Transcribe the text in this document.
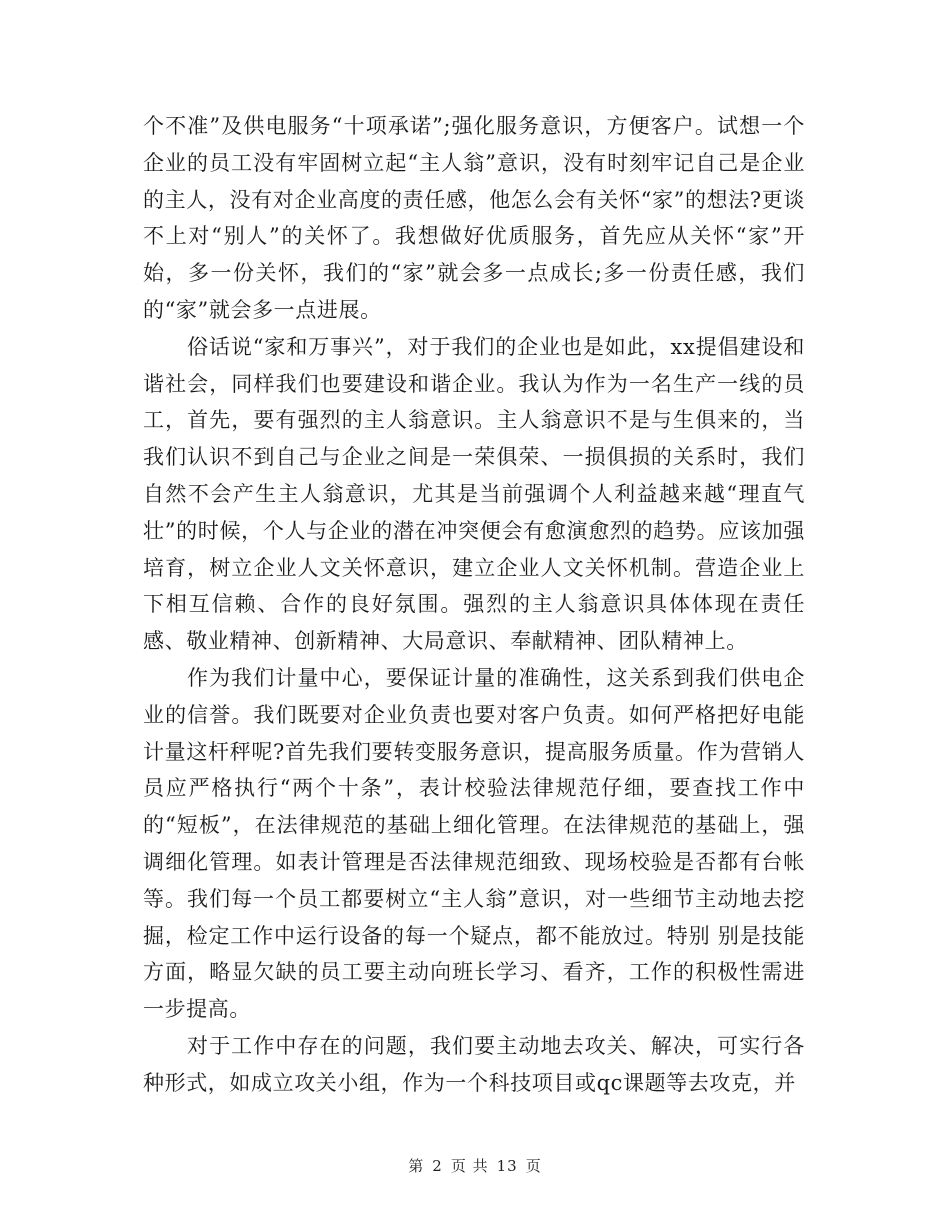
个不准”及供电服务“十项承诺”;强化服务意识，方便客户。试想一个企业的员工没有牢固树立起“主人翁”意识，没有时刻牢记自己是企业的主人，没有对企业高度的责任感，他怎么会有关怀“家”的想法?更谈不上对“别人”的关怀了。我想做好优质服务，首先应从关怀“家”开始，多一份关怀，我们的“家”就会多一点成长;多一份责任感，我们的“家”就会多一点进展。

俗话说“家和万事兴”，对于我们的企业也是如此，xx提倡建设和谐社会，同样我们也要建设和谐企业。我认为作为一名生产一线的员工，首先，要有强烈的主人翁意识。主人翁意识不是与生俱来的，当我们认识不到自己与企业之间是一荣俱荣、一损俱损的关系时，我们自然不会产生主人翁意识，尤其是当前强调个人利益越来越“理直气壮”的时候，个人与企业的潜在冲突便会有愈演愈烈的趋势。应该加强培育，树立企业人文关怀意识，建立企业人文关怀机制。营造企业上下相互信赖、合作的良好氛围。强烈的主人翁意识具体体现在责任感、敬业精神、创新精神、大局意识、奉献精神、团队精神上。

作为我们计量中心，要保证计量的准确性，这关系到我们供电企业的信誉。我们既要对企业负责也要对客户负责。如何严格把好电能计量这杆秤呢?首先我们要转变服务意识，提高服务质量。作为营销人员应严格执行“两个十条”，表计校验法律规范仔细，要查找工作中的“短板”，在法律规范的基础上细化管理。在法律规范的基础上，强调细化管理。如表计管理是否法律规范细致、现场校验是否都有台帐等。我们每一个员工都要树立“主人翁”意识，对一些细节主动地去挖掘，检定工作中运行设备的每一个疑点，都不能放过。特别 别是技能方面，略显欠缺的员工要主动向班长学习、看齐，工作的积极性需进一步提高。

对于工作中存在的问题，我们要主动地去攻关、解决，可实行各种形式，如成立攻关小组，作为一个科技项目或qc课题等去攻克，并

第 2 页 共 13 页
